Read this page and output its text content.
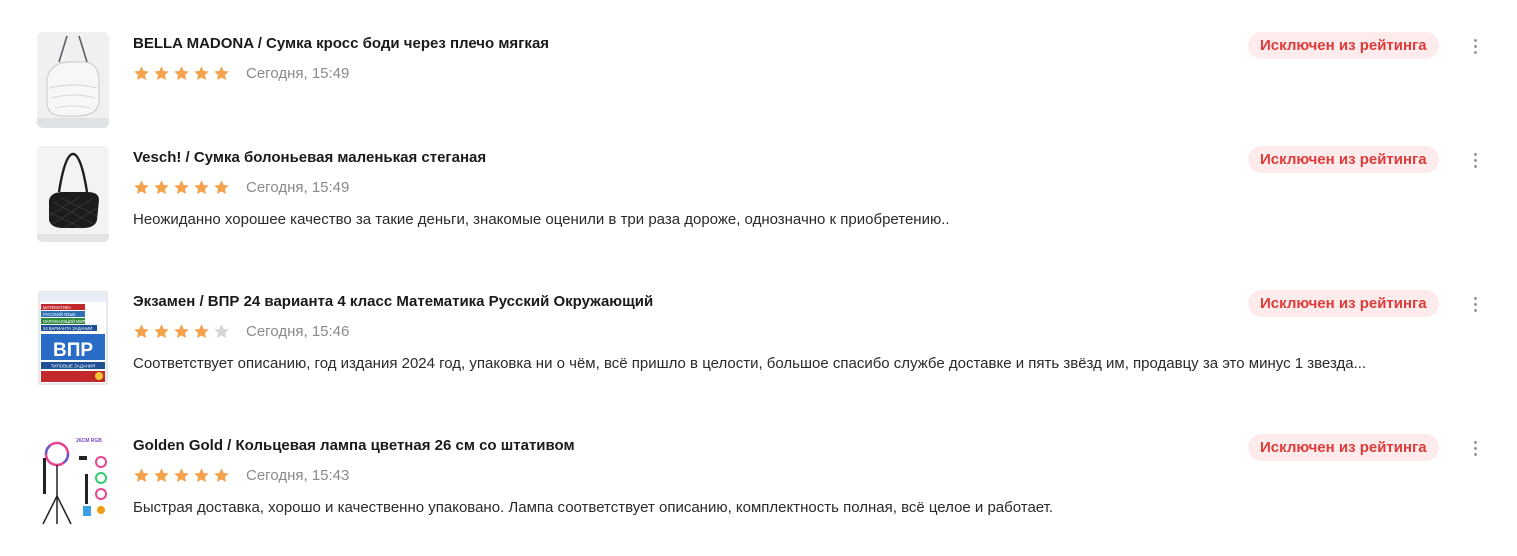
BELLA MADONA / Сумка кросс боди через плечо мягкая
Сегодня, 15:49
Исключен из рейтинга
Vesch! / Сумка болоньевая маленькая стеганая
Сегодня, 15:49
Неожиданно хорошее качество за такие деньги, знакомые оценили в три раза дороже, однозначно к приобретению..
Исключен из рейтинга
МАТЕМАТИКА
РУССКИЙ ЯЗЫК
ОКРУЖАЮЩИЙ МИР
24 ВАРИАНТА ЗАДАНИЙ
ВПР
ТИПОВЫЕ ЗАДАНИЯ
Экзамен / ВПР 24 варианта 4 класс Математика Русский Окружающий
Сегодня, 15:46
Соответствует описанию, год издания 2024 год, упаковка ни о чём, всё пришло в целости, большое спасибо службе доставке и пять звёзд им, продавцу за это минус 1 звезда...
Исключен из рейтинга
26CM RGB Golden Gold / Кольцевая лампа цветная 26 см со штативом
Сегодня, 15:43
Быстрая доставка, хорошо и качественно упаковано. Лампа соответствует описанию, комплектность полная, всё целое и работает.
Исключен из рейтинга
